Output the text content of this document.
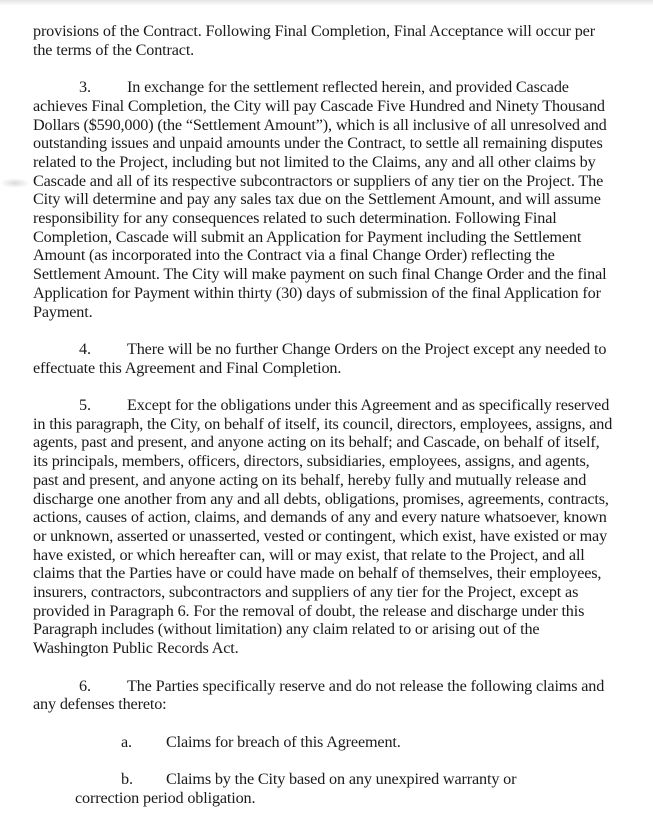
provisions of the Contract. Following Final Completion, Final Acceptance will occur per the terms of the Contract.

3. In exchange for the settlement reflected herein, and provided Cascade achieves Final Completion, the City will pay Cascade Five Hundred and Ninety Thousand Dollars ($590,000) (the “Settlement Amount”), which is all inclusive of all unresolved and outstanding issues and unpaid amounts under the Contract, to settle all remaining disputes related to the Project, including but not limited to the Claims, any and all other claims by Cascade and all of its respective subcontractors or suppliers of any tier on the Project. The City will determine and pay any sales tax due on the Settlement Amount, and will assume responsibility for any consequences related to such determination. Following Final Completion, Cascade will submit an Application for Payment including the Settlement Amount (as incorporated into the Contract via a final Change Order) reflecting the Settlement Amount. The City will make payment on such final Change Order and the final Application for Payment within thirty (30) days of submission of the final Application for Payment.

4. There will be no further Change Orders on the Project except any needed to effectuate this Agreement and Final Completion.

5. Except for the obligations under this Agreement and as specifically reserved in this paragraph, the City, on behalf of itself, its council, directors, employees, assigns, and agents, past and present, and anyone acting on its behalf; and Cascade, on behalf of itself, its principals, members, officers, directors, subsidiaries, employees, assigns, and agents, past and present, and anyone acting on its behalf, hereby fully and mutually release and discharge one another from any and all debts, obligations, promises, agreements, contracts, actions, causes of action, claims, and demands of any and every nature whatsoever, known or unknown, asserted or unasserted, vested or contingent, which exist, have existed or may have existed, or which hereafter can, will or may exist, that relate to the Project, and all claims that the Parties have or could have made on behalf of themselves, their employees, insurers, contractors, subcontractors and suppliers of any tier for the Project, except as provided in Paragraph 6. For the removal of doubt, the release and discharge under this Paragraph includes (without limitation) any claim related to or arising out of the Washington Public Records Act.

6. The Parties specifically reserve and do not release the following claims and any defenses thereto:

a. Claims for breach of this Agreement.

b. Claims by the City based on any unexpired warranty or
correction period obligation.
